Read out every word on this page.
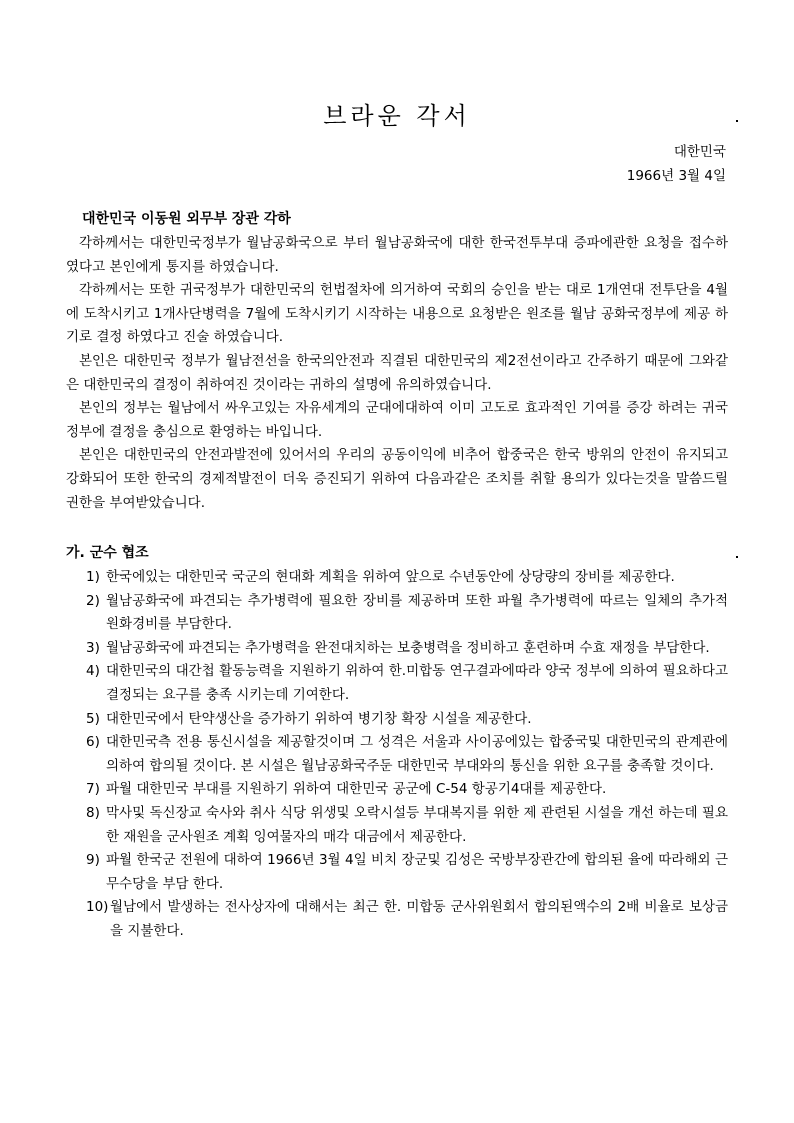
브라운 각서
대한민국
1966년 3월 4일
대한민국 이동원 외무부 장관 각하

각하께서는 대한민국정부가 월남공화국으로 부터 월남공화국에 대한 한국전투부대 증파에관한 요청을 접수하였다고 본인에게 통지를 하였습니다.

각하께서는 또한 귀국정부가 대한민국의 헌법절차에 의거하여 국회의 승인을 받는 대로 1개연대 전투단을 4월에 도착시키고 1개사단병력을 7월에 도착시키기 시작하는 내용으로 요청받은 원조를 월남 공화국정부에 제공 하기로 결정 하였다고 진술 하였습니다.

본인은 대한민국 정부가 월남전선을 한국의안전과 직결된 대한민국의 제2전선이라고 간주하기 때문에 그와같은 대한민국의 결정이 취하여진 것이라는 귀하의 설명에 유의하였습니다.

본인의 정부는 월남에서 싸우고있는 자유세계의 군대에대하여 이미 고도로 효과적인 기여를 증강 하려는 귀국 정부에 결정을 충심으로 환영하는 바입니다.

본인은 대한민국의 안전과발전에 있어서의 우리의 공동이익에 비추어 합중국은 한국 방위의 안전이 유지되고 강화되어 또한 한국의 경제적발전이 더욱 증진되기 위하여 다음과같은 조치를 취할 용의가 있다는것을 말씀드릴 권한을 부여받았습니다.

가. 군수 협조
1) 한국에있는 대한민국 국군의 현대화 계획을 위하여 앞으로 수년동안에 상당량의 장비를 제공한다.
2) 월남공화국에 파견되는 추가병력에 필요한 장비를 제공하며 또한 파월 추가병력에 따르는 일체의 추가적 원화경비를 부담한다.
3) 월남공화국에 파견되는 추가병력을 완전대치하는 보충병력을 정비하고 훈련하며 수효 재정을 부담한다.
4) 대한민국의 대간첩 활동능력을 지원하기 위하여 한.미합동 연구결과에따라 양국 정부에 의하여 필요하다고 결정되는 요구를 충족 시키는데 기여한다.
5) 대한민국에서 탄약생산을 증가하기 위하여 병기창 확장 시설을 제공한다.
6) 대한민국측 전용 통신시설을 제공할것이며 그 성격은 서울과 사이공에있는 합중국및 대한민국의 관계관에 의하여 합의될 것이다. 본 시설은 월남공화국주둔 대한민국 부대와의 통신을 위한 요구를 충족할 것이다.
7) 파월 대한민국 부대를 지원하기 위하여 대한민국 공군에 C-54 항공기4대를 제공한다.
8) 막사및 독신장교 숙사와 취사 식당 위생및 오락시설등 부대복지를 위한 제 관련된 시설을 개선 하는데 필요한 재원을 군사원조 계획 잉여물자의 매각 대금에서 제공한다.
9) 파월 한국군 전원에 대하여 1966년 3월 4일 비치 장군및 김성은 국방부장관간에 합의된 율에 따라해외 근무수당을 부담 한다.
10) 월남에서 발생하는 전사상자에 대해서는 최근 한. 미합동 군사위원회서 합의된액수의 2배 비율로 보상금을 지불한다.
